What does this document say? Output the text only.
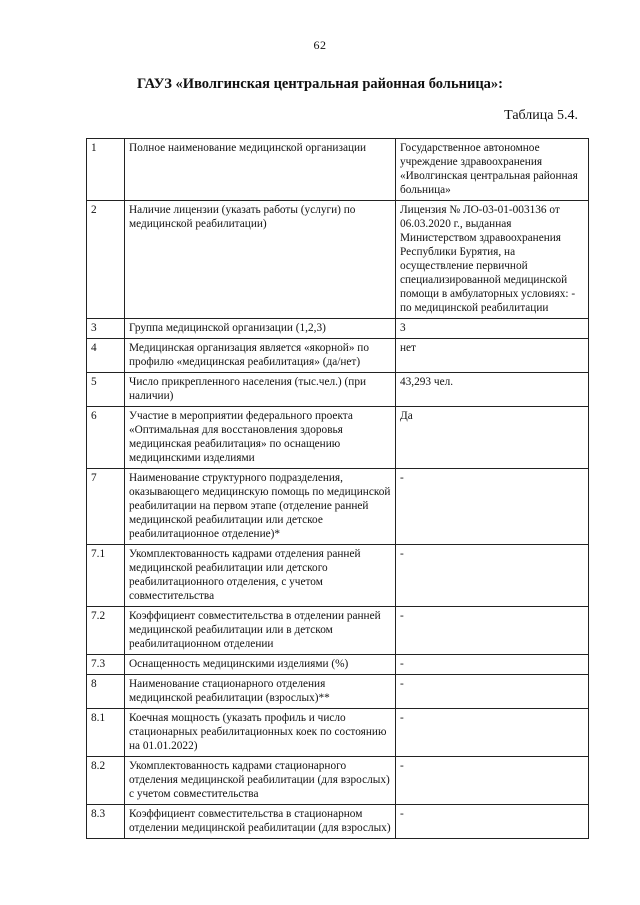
62
ГАУЗ «Иволгинская центральная районная больница»:
Таблица 5.4.
1	Полное наименование медицинской организации	Государственное автономное учреждение здравоохранения «Иволгинская центральная районная больница»
2	Наличие лицензии (указать работы (услуги) по медицинской реабилитации)	Лицензия № ЛО-03-01-003136 от 06.03.2020 г., выданная Министерством здравоохранения Республики Бурятия, на осуществление первичной специализированной медицинской помощи в амбулаторных условиях: - по медицинской реабилитации
3	Группа медицинской организации (1,2,3)	3
4	Медицинская организация является «якорной» по профилю «медицинская реабилитация» (да/нет)	нет
5	Число прикрепленного населения (тыс.чел.) (при наличии)	43,293 чел.
6	Участие в мероприятии федерального проекта «Оптимальная для восстановления здоровья медицинская реабилитация» по оснащению медицинскими изделиями	Да
7	Наименование структурного подразделения, оказывающего медицинскую помощь по медицинской реабилитации на первом этапе (отделение ранней медицинской реабилитации или детское реабилитационное отделение)*	-
7.1	Укомплектованность кадрами отделения ранней медицинской реабилитации или детского реабилитационного отделения, с учетом совместительства	-
7.2	Коэффициент совместительства в отделении ранней медицинской реабилитации или в детском реабилитационном отделении	-
7.3	Оснащенность медицинскими изделиями (%)	-
8	Наименование стационарного отделения медицинской реабилитации (взрослых)**	-
8.1	Коечная мощность (указать профиль и число стационарных реабилитационных коек по состоянию на 01.01.2022)	-
8.2	Укомплектованность кадрами стационарного отделения медицинской реабилитации (для взрослых) с учетом совместительства	-
8.3	Коэффициент совместительства в стационарном отделении медицинской реабилитации (для взрослых)	-
